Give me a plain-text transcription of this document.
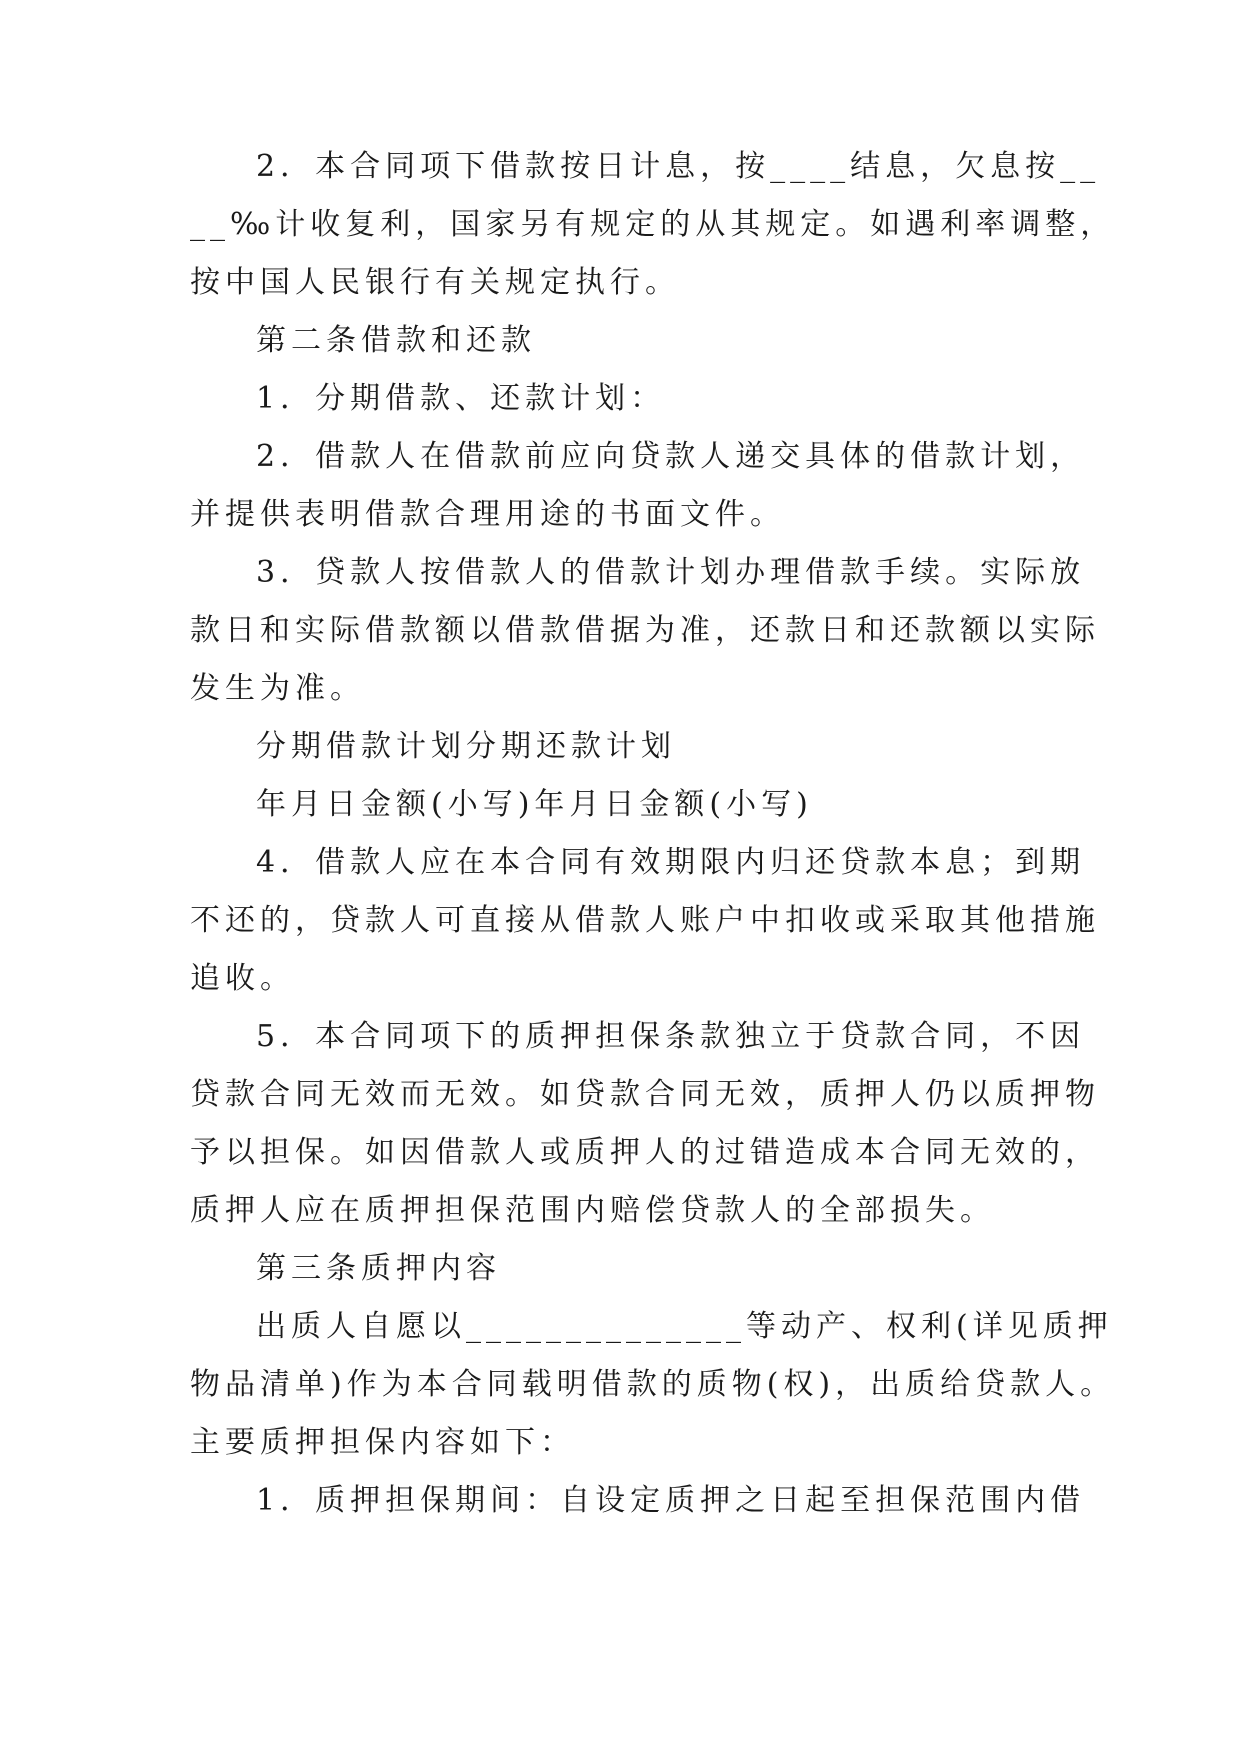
2．本合同项下借款按日计息，按____结息，欠息按__
__‰计收复利，国家另有规定的从其规定。如遇利率调整，
按中国人民银行有关规定执行。
第二条借款和还款
1．分期借款、还款计划：
2．借款人在借款前应向贷款人递交具体的借款计划，
并提供表明借款合理用途的书面文件。
3．贷款人按借款人的借款计划办理借款手续。实际放
款日和实际借款额以借款借据为准，还款日和还款额以实际
发生为准。
分期借款计划分期还款计划
年月日金额(小写)年月日金额(小写)
4．借款人应在本合同有效期限内归还贷款本息；到期
不还的，贷款人可直接从借款人账户中扣收或采取其他措施
追收。
5．本合同项下的质押担保条款独立于贷款合同，不因
贷款合同无效而无效。如贷款合同无效，质押人仍以质押物
予以担保。如因借款人或质押人的过错造成本合同无效的，
质押人应在质押担保范围内赔偿贷款人的全部损失。
第三条质押内容
出质人自愿以______________等动产、权利(详见质押
物品清单)作为本合同载明借款的质物(权)，出质给贷款人。
主要质押担保内容如下：
1．质押担保期间：自设定质押之日起至担保范围内借
